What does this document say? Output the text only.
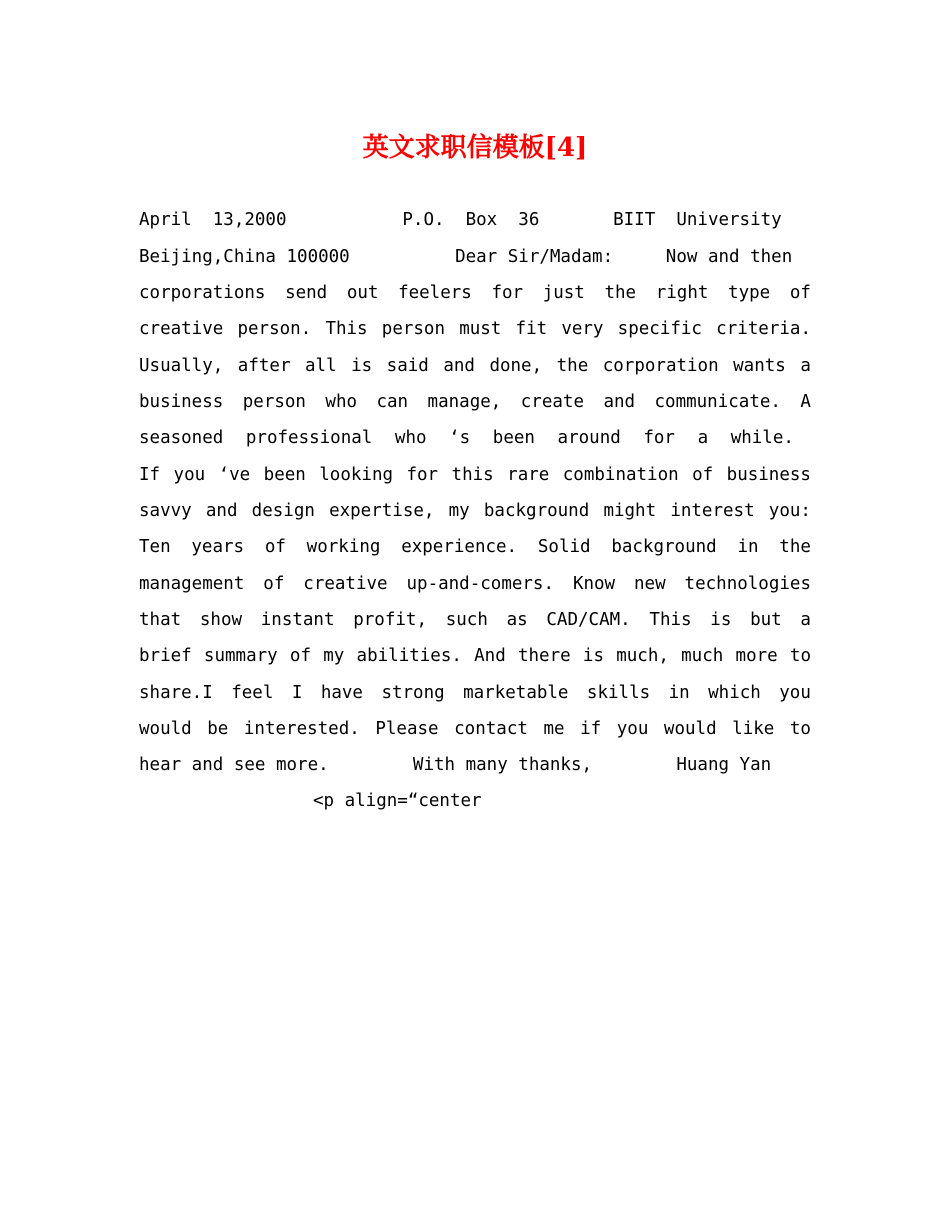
英文求职信模板[4]
April  13,2000           P.O.  Box  36       BIIT  University
Beijing,China 100000          Dear Sir/Madam:     Now and then
corporations send out feelers for just the right type of
creative person. This person must fit very specific criteria.
Usually, after all is said and done, the corporation wants a
business person who can manage, create and communicate. A
seasoned professional who ‘s been around for a while.
If you ‘ve been looking for this rare combination of business
savvy and design expertise, my background might interest you:
Ten years of working experience. Solid background in the
management of creative up-and-comers. Know new technologies
that show instant profit, such as CAD/CAM. This is but a
brief summary of my abilities. And there is much, much more to
share.I feel I have strong marketable skills in which you
would be interested. Please contact me if you would like to
hear and see more.        With many thanks,        Huang Yan
<p align=“center
